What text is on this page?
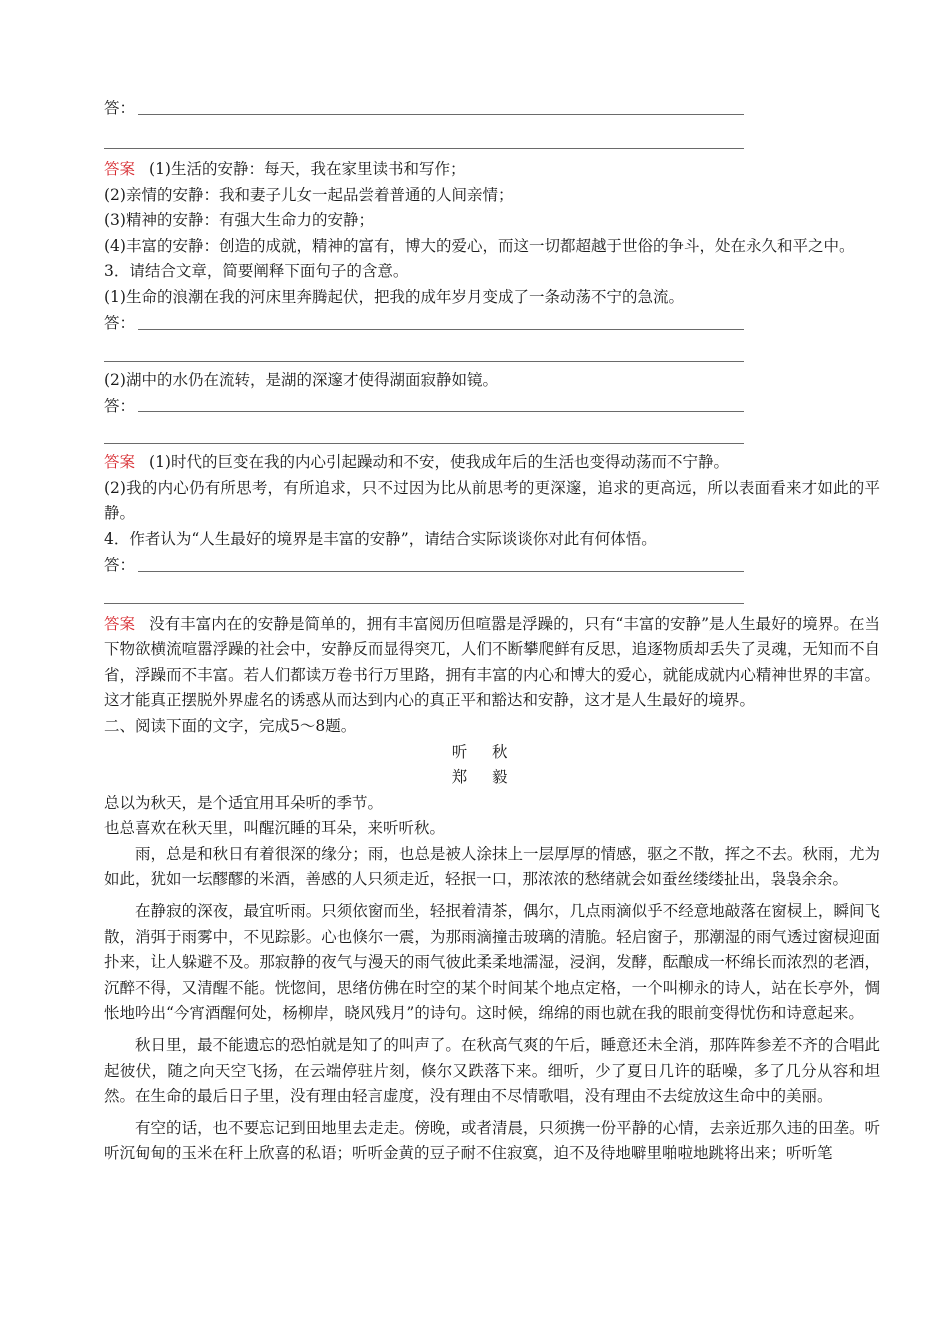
答：
答案 (1)生活的安静：每天，我在家里读书和写作；
(2)亲情的安静：我和妻子儿女一起品尝着普通的人间亲情；
(3)精神的安静：有强大生命力的安静；

(4)丰富的安静：创造的成就，精神的富有，博大的爱心，而这一切都超越于世俗的争斗，处在永久和平之中。

3．请结合文章，简要阐释下面句子的含意。
(1)生命的浪潮在我的河床里奔腾起伏，把我的成年岁月变成了一条动荡不宁的急流。
答：
(2)湖中的水仍在流转，是湖的深邃才使得湖面寂静如镜。
答：
答案 (1)时代的巨变在我的内心引起躁动和不安，使我成年后的生活也变得动荡而不宁静。

(2)我的内心仍有所思考，有所追求，只不过因为比从前思考的更深邃，追求的更高远，所以表面看来才如此的平静。

4．作者认为“人生最好的境界是丰富的安静”，请结合实际谈谈你对此有何体悟。
答：

答案 没有丰富内在的安静是简单的，拥有丰富阅历但喧嚣是浮躁的，只有“丰富的安静”是人生最好的境界。在当下物欲横流喧嚣浮躁的社会中，安静反而显得突兀，人们不断攀爬鲜有反思，追逐物质却丢失了灵魂，无知而不自省，浮躁而不丰富。若人们都读万卷书行万里路，拥有丰富的内心和博大的爱心，就能成就内心精神世界的丰富。这才能真正摆脱外界虚名的诱惑从而达到内心的真正平和豁达和安静，这才是人生最好的境界。

二、阅读下面的文字，完成5～8题。
听秋
郑毅
总以为秋天，是个适宜用耳朵听的季节。
也总喜欢在秋天里，叫醒沉睡的耳朵，来听听秋。

雨，总是和秋日有着很深的缘分；雨，也总是被人涂抹上一层厚厚的情感，驱之不散，挥之不去。秋雨，尤为如此，犹如一坛醪醪的米酒，善感的人只须走近，轻抿一口，那浓浓的愁绪就会如蚕丝缕缕扯出，袅袅余余。

在静寂的深夜，最宜听雨。只须依窗而坐，轻抿着清茶，偶尔，几点雨滴似乎不经意地敲落在窗棂上，瞬间飞散，消弭于雨雾中，不见踪影。心也倏尔一震，为那雨滴撞击玻璃的清脆。轻启窗子，那潮湿的雨气透过窗棂迎面扑来，让人躲避不及。那寂静的夜气与漫天的雨气彼此柔柔地濡湿，浸润，发酵，酝酿成一杯绵长而浓烈的老酒，沉醉不得，又清醒不能。恍惚间，思绪仿佛在时空的某个时间某个地点定格，一个叫柳永的诗人，站在长亭外，惆怅地吟出“今宵酒醒何处，杨柳岸，晓风残月”的诗句。这时候，绵绵的雨也就在我的眼前变得忧伤和诗意起来。

秋日里，最不能遗忘的恐怕就是知了的叫声了。在秋高气爽的午后，睡意还未全消，那阵阵参差不齐的合唱此起彼伏，随之向天空飞扬，在云端停驻片刻，倏尔又跌落下来。细听，少了夏日几许的聒噪，多了几分从容和坦然。在生命的最后日子里，没有理由轻言虚度，没有理由不尽情歌唱，没有理由不去绽放这生命中的美丽。

有空的话，也不要忘记到田地里去走走。傍晚，或者清晨，只须携一份平静的心情，去亲近那久违的田垄。听听沉甸甸的玉米在秆上欣喜的私语；听听金黄的豆子耐不住寂寞，迫不及待地噼里啪啦地跳将出来；听听笔
